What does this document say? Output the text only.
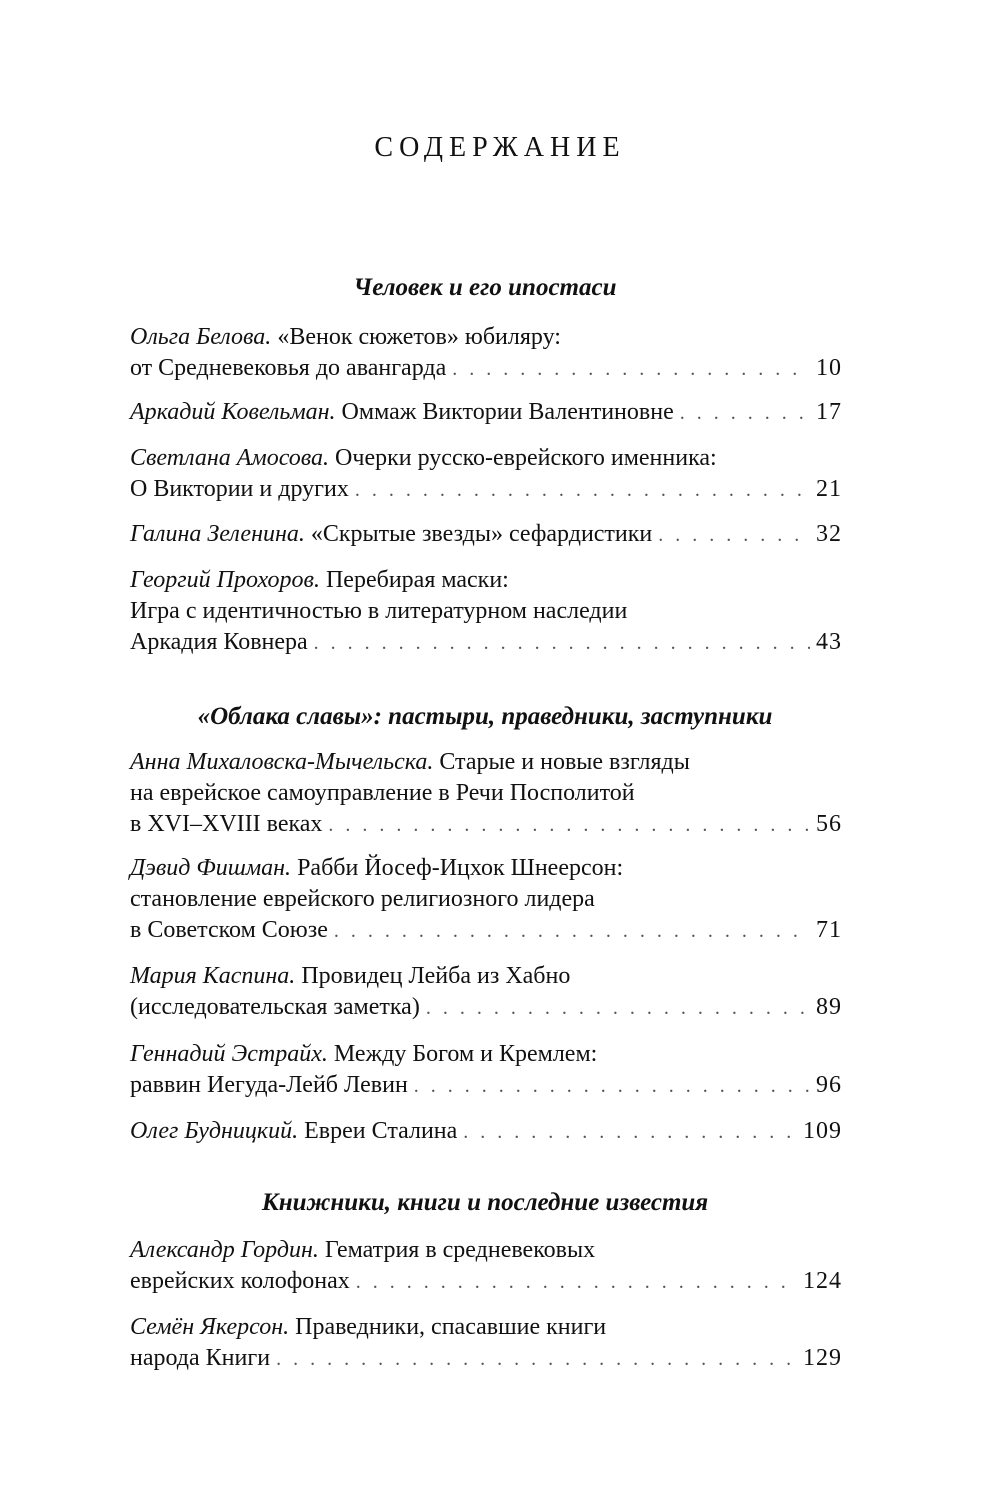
СОДЕРЖАНИЕ
Человек и его ипостаси
Ольга Белова. «Венок сюжетов» юбиляру:
от Средневековья до авангарда . . .	10
Аркадий Ковельман.
Оммаж Виктории Валентиновне . . .	17
Светлана Амосова. Очерки русско-еврейского именника:
О Виктории и других . . .	21
Галина Зеленина.
«Скрытые звезды» сефардистики . . .	32
Георгий Прохоров. Перебирая маски:
Игра с идентичностью в литературном наследии
Аркадия Ковнера . . .	43
«Облака славы»: пастыри, праведники, заступники
Анна Михаловска-Мычельска. Старые и новые взгляды
на еврейское самоуправление в Речи Посполитой
в XVI–XVIII веках . . .	56
Дэвид Фишман. Рабби Йосеф-Ицхок Шнеерсон:
становление еврейского религиозного лидера
в Советском Союзе . . .	71
Мария Каспина. Провидец Лейба из Хабно
(исследовательская заметка) . . .	89
Геннадий Эстрайх. Между Богом и Кремлем:
раввин Иегуда-Лейб Левин . . .	96
Олег Будницкий.
Евреи Сталина . . .	109
Книжники, книги и последние известия
Александр Гордин. Гематрия в средневековых
еврейских колофонах . . .	124
Семён Якерсон. Праведники, спасавшие книги
народа Книги . . .	129
